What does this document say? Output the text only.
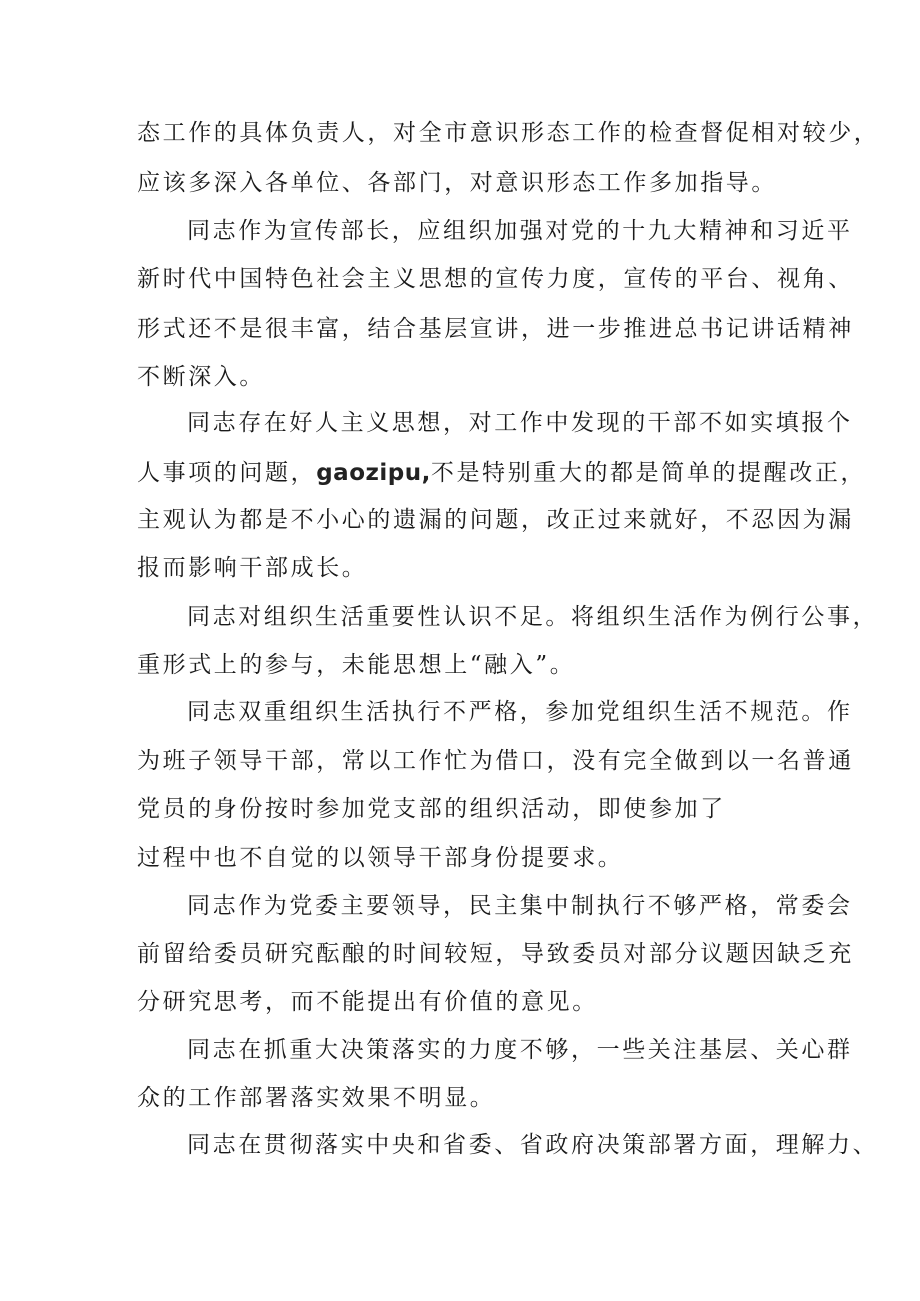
态工作的具体负责人，对全市意识形态工作的检查督促相对较少，
应该多深入各单位、各部门，对意识形态工作多加指导。
同志作为宣传部长，应组织加强对党的十九大精神和习近平
新时代中国特色社会主义思想的宣传力度，宣传的平台、视角、
形式还不是很丰富，结合基层宣讲，进一步推进总书记讲话精神
不断深入。
同志存在好人主义思想，对工作中发现的干部不如实填报个
人事项的问题，gaozipu,不是特别重大的都是简单的提醒改正，
主观认为都是不小心的遗漏的问题，改正过来就好，不忍因为漏
报而影响干部成长。
同志对组织生活重要性认识不足。将组织生活作为例行公事，
重形式上的参与，未能思想上“融入”。
同志双重组织生活执行不严格，参加党组织生活不规范。作
为班子领导干部，常以工作忙为借口，没有完全做到以一名普通
党员的身份按时参加党支部的组织活动，即使参加了
过程中也不自觉的以领导干部身份提要求。
同志作为党委主要领导，民主集中制执行不够严格，常委会
前留给委员研究酝酿的时间较短，导致委员对部分议题因缺乏充
分研究思考，而不能提出有价值的意见。
同志在抓重大决策落实的力度不够，一些关注基层、关心群
众的工作部署落实效果不明显。
同志在贯彻落实中央和省委、省政府决策部署方面，理解力、
